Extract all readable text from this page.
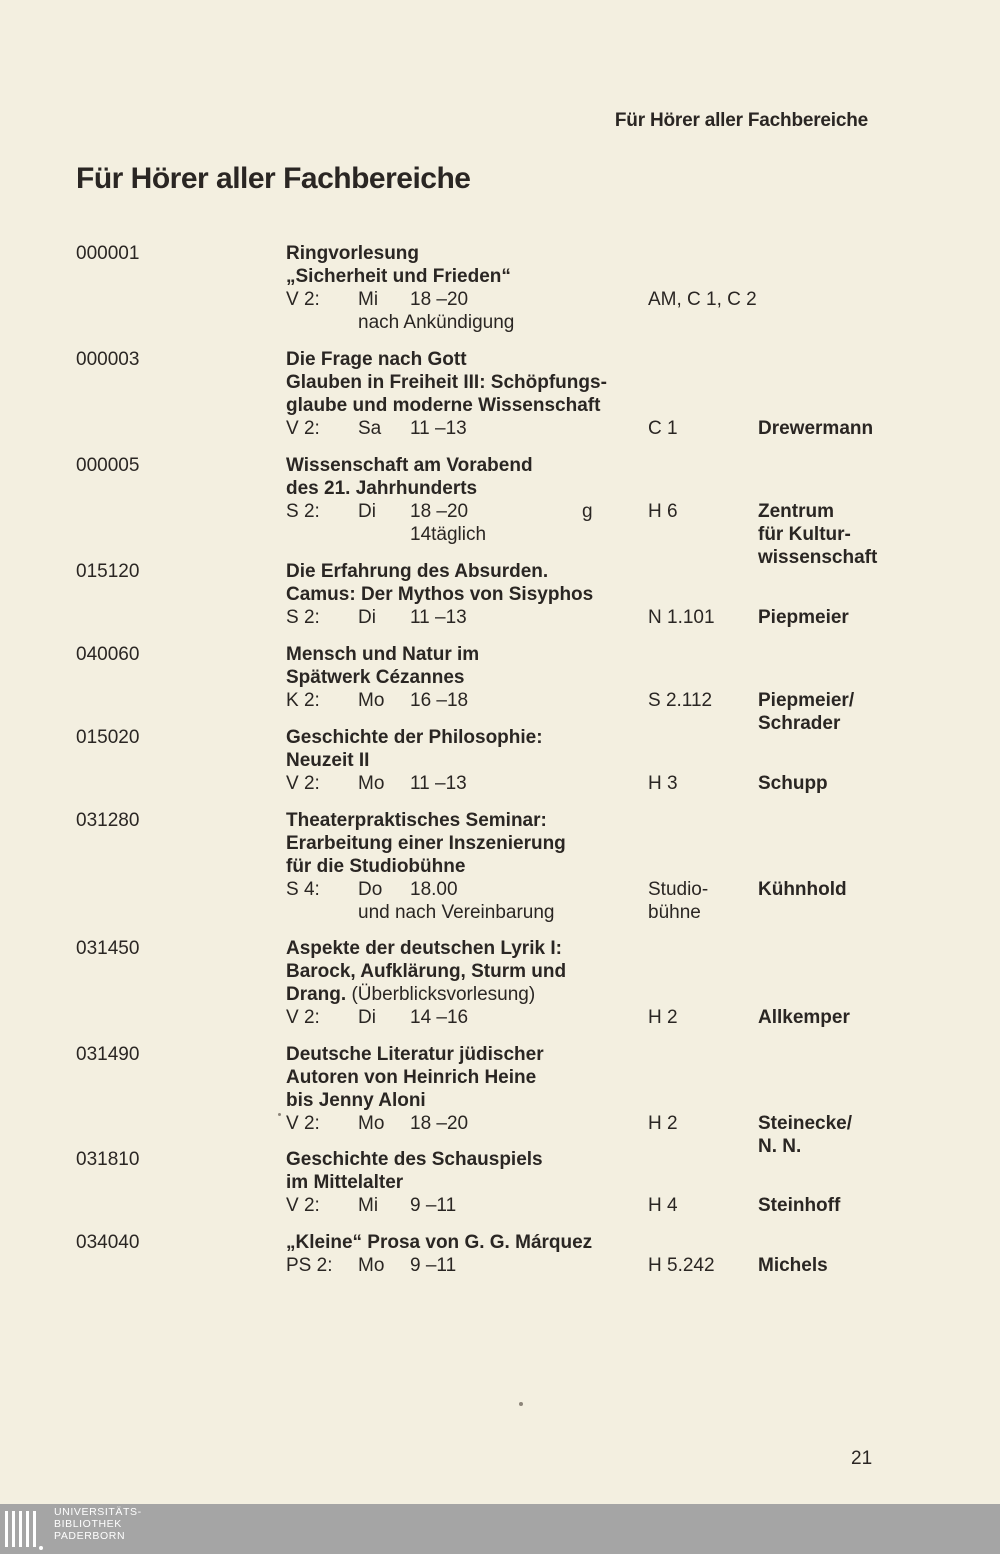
Für Hörer aller Fachbereiche
Für Hörer aller Fachbereiche
000001	Ringvorlesung
„Sicherheit und Frieden“
V 2: Mi 18 –20
nach Ankündigung
AM, C 1, C 2
000003	Die Frage nach Gott
Glauben in Freiheit III: Schöpfungs-
glaube und moderne Wissenschaft
V 2: Sa 11 –13	C 1	Drewermann
000005	Wissenschaft am Vorabend
des 21. Jahrhunderts
S 2: Di 18 –20	g
14täglich
H 6	Zentrum
für Kultur-
wissenschaft
015120	Die Erfahrung des Absurden.
Camus: Der Mythos von Sisyphos
S 2: Di 11 –13	N 1.101 Piepmeier
040060	Mensch und Natur im
Spätwerk Cézannes
K 2: Mo 16 –18	S 2.112 Piepmeier/
Schrader
015020	Geschichte der Philosophie:
Neuzeit II
V 2: Mo 11 –13	H 3	Schupp
031280	Theaterpraktisches Seminar:
Erarbeitung einer Inszenierung
für die Studiobühne
S 4: Do 18.00
und nach Vereinbarung
Studio-
bühne
Kühnhold
031450	Aspekte der deutschen Lyrik I:
Barock, Aufklärung, Sturm und
Drang. (Überblicksvorlesung)
V 2: Di 14 –16	H 2	Allkemper
031490	Deutsche Literatur jüdischer
Autoren von Heinrich Heine
bis Jenny Aloni
V 2: Mo 18 –20	H 2	Steinecke/
N. N.
031810	Geschichte des Schauspiels
im Mittelalter
V 2: Mi 9 –11	H 4	Steinhoff
034040	„Kleine“ Prosa von G. G. Márquez
PS 2: Mo 9 –11	H 5.242 Michels
21
UNIVERSITÄTS-
BIBLIOTHEK
PADERBORN
